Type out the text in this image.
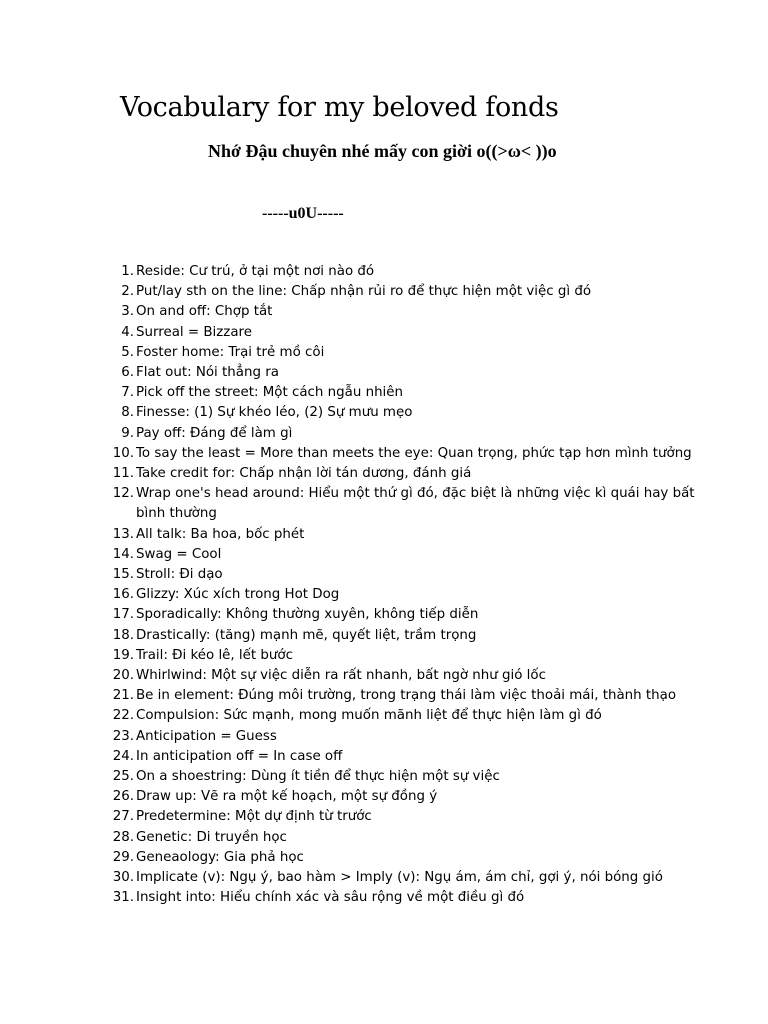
Vocabulary for my beloved fonds
Nhớ Đậu chuyên nhé mấy con giời o((>ω< ))o
-----u0U-----
1. Reside: Cư trú, ở tại một nơi nào đó
2. Put/lay sth on the line: Chấp nhận rủi ro để thực hiện một việc gì đó
3. On and off: Chợp tắt
4. Surreal = Bizzare
5. Foster home: Trại trẻ mồ côi
6. Flat out: Nói thẳng ra
7. Pick off the street: Một cách ngẫu nhiên
8. Finesse: (1) Sự khéo léo, (2) Sự mưu mẹo
9. Pay off: Đáng để làm gì
10. To say the least = More than meets the eye: Quan trọng, phức tạp hơn mình tưởng
11. Take credit for: Chấp nhận lời tán dương, đánh giá
12. Wrap one's head around: Hiểu một thứ gì đó, đặc biệt là những việc kì quái hay bất bình thường
13. All talk: Ba hoa, bốc phét
14. Swag = Cool
15. Stroll: Đi dạo
16. Glizzy: Xúc xích trong Hot Dog
17. Sporadically: Không thường xuyên, không tiếp diễn
18. Drastically: (tăng) mạnh mẽ, quyết liệt, trầm trọng
19. Trail: Đi kéo lê, lết bước
20. Whirlwind: Một sự việc diễn ra rất nhanh, bất ngờ như gió lốc
21. Be in element: Đúng môi trường, trong trạng thái làm việc thoải mái, thành thạo
22. Compulsion: Sức mạnh, mong muốn mãnh liệt để thực hiện làm gì đó
23. Anticipation = Guess
24. In anticipation off = In case off
25. On a shoestring: Dùng ít tiền để thực hiện một sự việc
26. Draw up: Vẽ ra một kế hoạch, một sự đồng ý
27. Predetermine: Một dự định từ trước
28. Genetic: Di truyền học
29. Geneaology: Gia phả học
30. Implicate (v): Ngụ ý, bao hàm > Imply (v): Ngụ ám, ám chỉ, gợi ý, nói bóng gió
31. Insight into: Hiểu chính xác và sâu rộng về một điều gì đó
